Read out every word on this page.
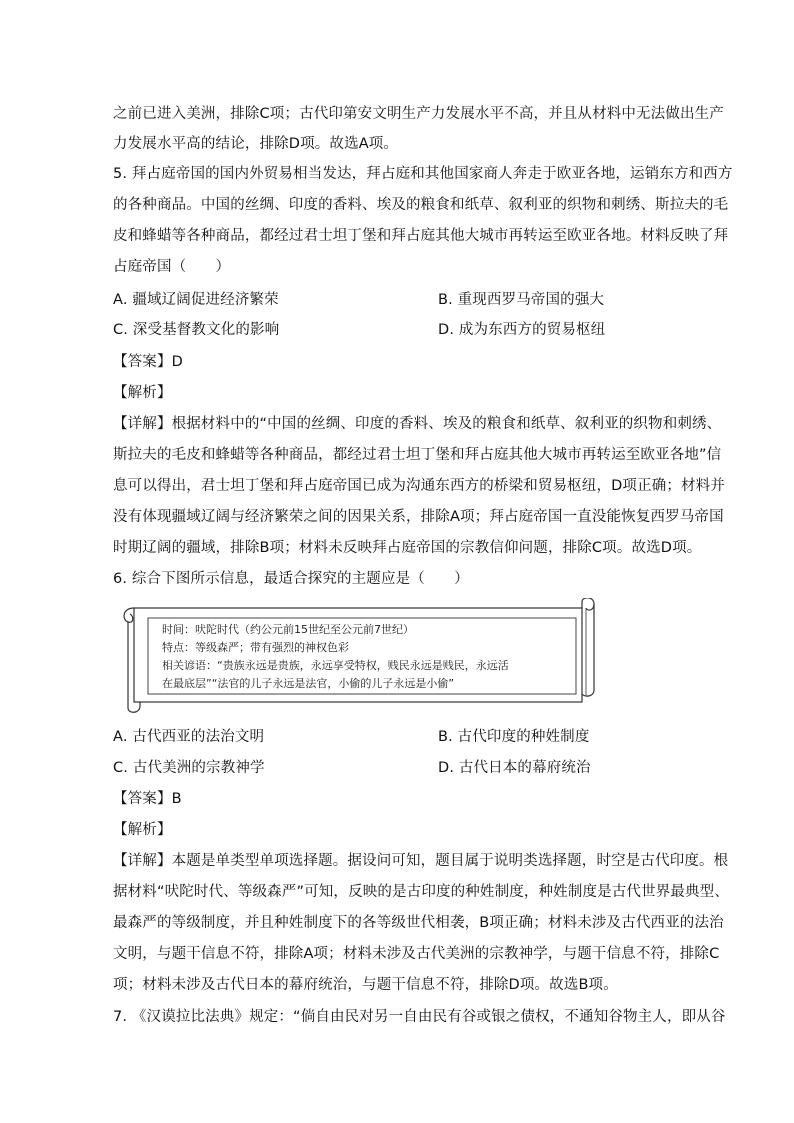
之前已进入美洲，排除C项；古代印第安文明生产力发展水平不高，并且从材料中无法做出生产
力发展水平高的结论，排除D项。故选A项。
5. 拜占庭帝国的国内外贸易相当发达，拜占庭和其他国家商人奔走于欧亚各地，运销东方和西方
的各种商品。中国的丝绸、印度的香料、埃及的粮食和纸草、叙利亚的织物和刺绣、斯拉夫的毛
皮和蜂蜡等各种商品，都经过君士坦丁堡和拜占庭其他大城市再转运至欧亚各地。材料反映了拜
占庭帝国（　　）
A. 疆域辽阔促进经济繁荣	B. 重现西罗马帝国的强大
C. 深受基督教文化的影响	D. 成为东西方的贸易枢纽
【答案】D
【解析】
【详解】根据材料中的“中国的丝绸、印度的香料、埃及的粮食和纸草、叙利亚的织物和刺绣、
斯拉夫的毛皮和蜂蜡等各种商品，都经过君士坦丁堡和拜占庭其他大城市再转运至欧亚各地”信
息可以得出，君士坦丁堡和拜占庭帝国已成为沟通东西方的桥梁和贸易枢纽，D项正确；材料并
没有体现疆域辽阔与经济繁荣之间的因果关系，排除A项；拜占庭帝国一直没能恢复西罗马帝国
时期辽阔的疆域，排除B项；材料未反映拜占庭帝国的宗教信仰问题，排除C项。故选D项。
6. 综合下图所示信息，最适合探究的主题应是（　　）
时间：吠陀时代（约公元前15世纪至公元前7世纪）
特点：等级森严；带有强烈的神权色彩
相关谚语：“贵族永远是贵族，永远享受特权，贱民永远是贱民，永远活
在最底层”“法官的儿子永远是法官，小偷的儿子永远是小偷”
A. 古代西亚的法治文明	B. 古代印度的种姓制度
C. 古代美洲的宗教神学	D. 古代日本的幕府统治
【答案】B
【解析】
【详解】本题是单类型单项选择题。据设问可知，题目属于说明类选择题，时空是古代印度。根
据材料“吠陀时代、等级森严”可知，反映的是古印度的种姓制度，种姓制度是古代世界最典型、
最森严的等级制度，并且种姓制度下的各等级世代相袭，B项正确；材料未涉及古代西亚的法治
文明，与题干信息不符，排除A项；材料未涉及古代美洲的宗教神学，与题干信息不符，排除C
项；材料未涉及古代日本的幕府统治，与题干信息不符，排除D项。故选B项。
7. 《汉谟拉比法典》规定：“倘自由民对另一自由民有谷或银之债权，不通知谷物主人，即从谷
